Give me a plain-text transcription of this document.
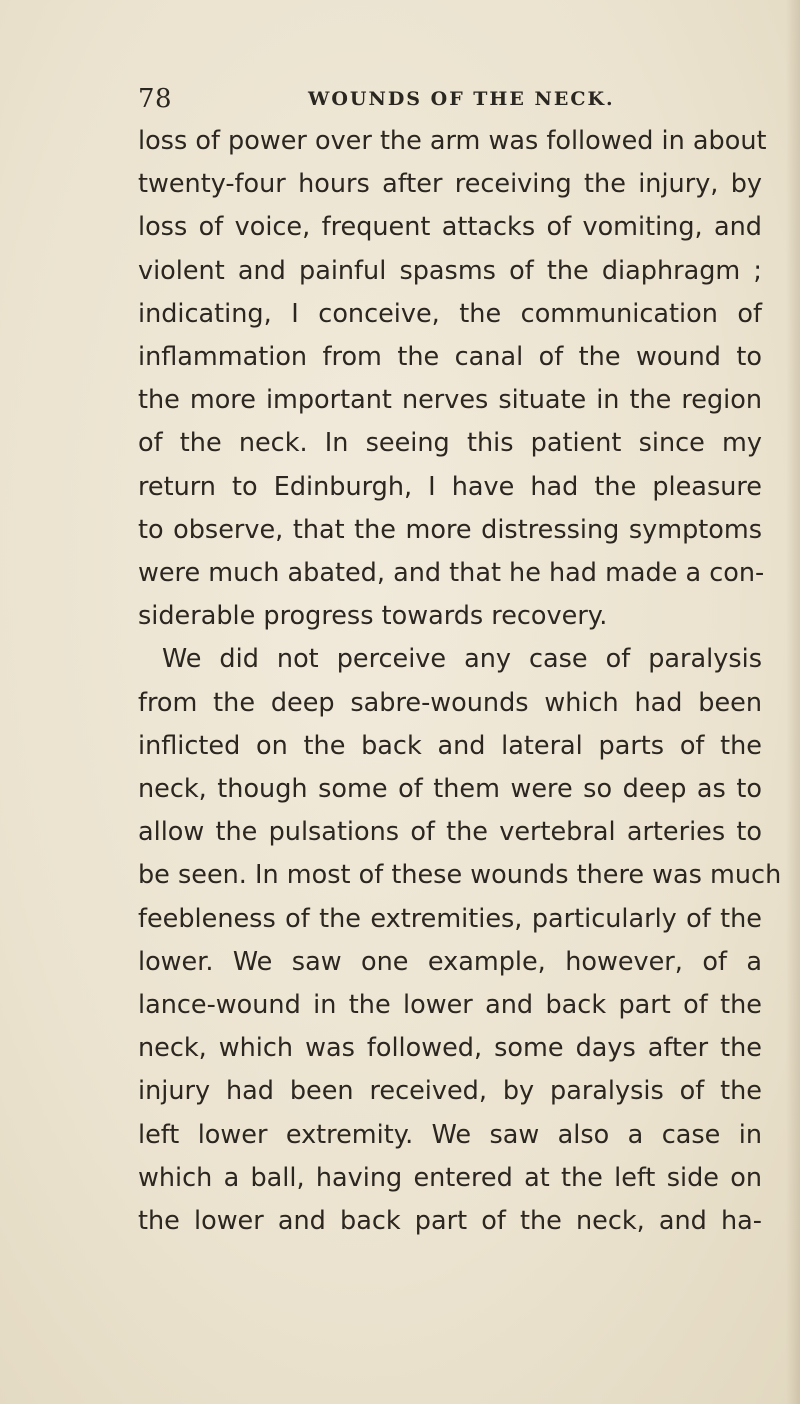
78	WOUNDS OF THE NECK.
loss of power over the arm was followed in about
twenty-four hours after receiving the injury, by
loss of voice, frequent attacks of vomiting, and
violent and painful spasms of the diaphragm ;
indicating, I conceive, the communication of
inflammation from the canal of the wound to
the more important nerves situate in the region
of the neck. In seeing this patient since my
return to Edinburgh, I have had the pleasure
to observe, that the more distressing symptoms
were much abated, and that he had made a con-
siderable progress towards recovery.
We did not perceive any case of paralysis
from the deep sabre-wounds which had been
inflicted on the back and lateral parts of the
neck, though some of them were so deep as to
allow the pulsations of the vertebral arteries to
be seen. In most of these wounds there was much
feebleness of the extremities, particularly of the
lower. We saw one example, however, of a
lance-wound in the lower and back part of the
neck, which was followed, some days after the
injury had been received, by paralysis of the
left lower extremity. We saw also a case in
which a ball, having entered at the left side on
the lower and back part of the neck, and ha-
